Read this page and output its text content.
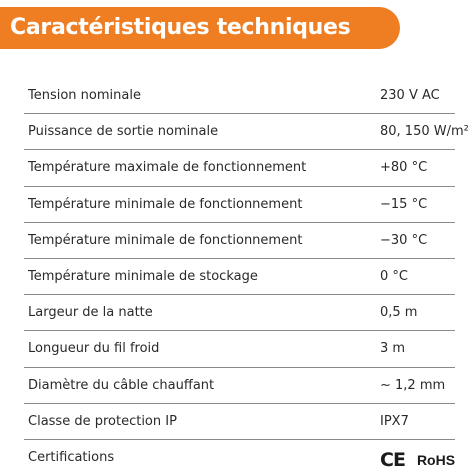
Caractéristiques techniques
Tension nominale	230 V AC
Puissance de sortie nominale	80, 150 W/m²
Température maximale de fonctionnement	+80 °C
Température minimale de fonctionnement	−15 °C
Température minimale de fonctionnement	−30 °C
Température minimale de stockage	0 °C
Largeur de la natte	0,5 m
Longueur du fil froid	3 m
Diamètre du câble chauffant	~ 1,2 mm
Classe de protection IP	IPX7
Certifications	CE RoHS
